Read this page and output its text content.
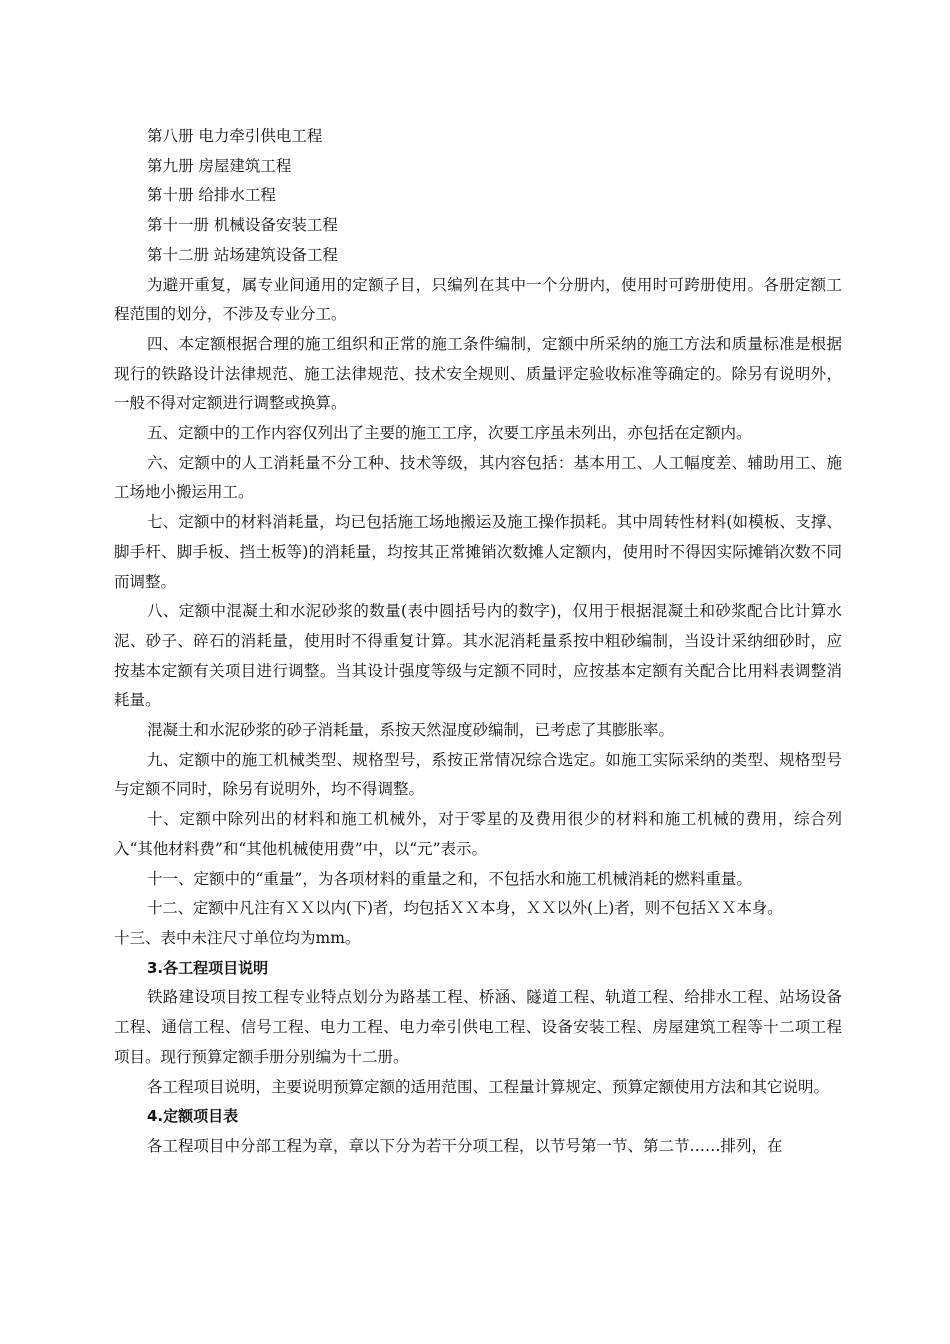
第八册 电力牵引供电工程
第九册 房屋建筑工程
第十册 给排水工程
第十一册 机械设备安装工程
第十二册 站场建筑设备工程

为避开重复，属专业间通用的定额子目，只编列在其中一个分册内，使用时可跨册使用。各册定额工程范围的划分，不涉及专业分工。

四、本定额根据合理的施工组织和正常的施工条件编制，定额中所采纳的施工方法和质量标准是根据现行的铁路设计法律规范、施工法律规范、技术安全规则、质量评定验收标准等确定的。除另有说明外，一般不得对定额进行调整或换算。

五、定额中的工作内容仅列出了主要的施工工序，次要工序虽未列出，亦包括在定额内。

六、定额中的人工消耗量不分工种、技术等级，其内容包括：基本用工、人工幅度差、辅助用工、施工场地小搬运用工。

七、定额中的材料消耗量，均已包括施工场地搬运及施工操作损耗。其中周转性材料(如模板、支撑、脚手杆、脚手板、挡土板等)的消耗量，均按其正常摊销次数摊人定额内，使用时不得因实际摊销次数不同而调整。

八、定额中混凝土和水泥砂浆的数量(表中圆括号内的数字)，仅用于根据混凝土和砂浆配合比计算水泥、砂子、碎石的消耗量，使用时不得重复计算。其水泥消耗量系按中粗砂编制，当设计采纳细砂时，应按基本定额有关项目进行调整。当其设计强度等级与定额不同时，应按基本定额有关配合比用料表调整消耗量。

混凝土和水泥砂浆的砂子消耗量，系按天然湿度砂编制，已考虑了其膨胀率。

九、定额中的施工机械类型、规格型号，系按正常情况综合选定。如施工实际采纳的类型、规格型号与定额不同时，除另有说明外，均不得调整。

十、定额中除列出的材料和施工机械外，对于零星的及费用很少的材料和施工机械的费用，综合列入“其他材料费”和“其他机械使用费”中，以“元”表示。

十一、定额中的“重量”，为各项材料的重量之和，不包括水和施工机械消耗的燃料重量。

十二、定额中凡注有ＸＸ以内(下)者，均包括ＸＸ本身，ＸＸ以外(上)者，则不包括ＸＸ本身。

十三、表中未注尺寸单位均为mm。

3.各工程项目说明

铁路建设项目按工程专业特点划分为路基工程、桥涵、隧道工程、轨道工程、给排水工程、站场设备工程、通信工程、信号工程、电力工程、电力牵引供电工程、设备安装工程、房屋建筑工程等十二项工程项目。现行预算定额手册分别编为十二册。

各工程项目说明，主要说明预算定额的适用范围、工程量计算规定、预算定额使用方法和其它说明。

4.定额项目表

各工程项目中分部工程为章，章以下分为若干分项工程，以节号第一节、第二节……排列，在
